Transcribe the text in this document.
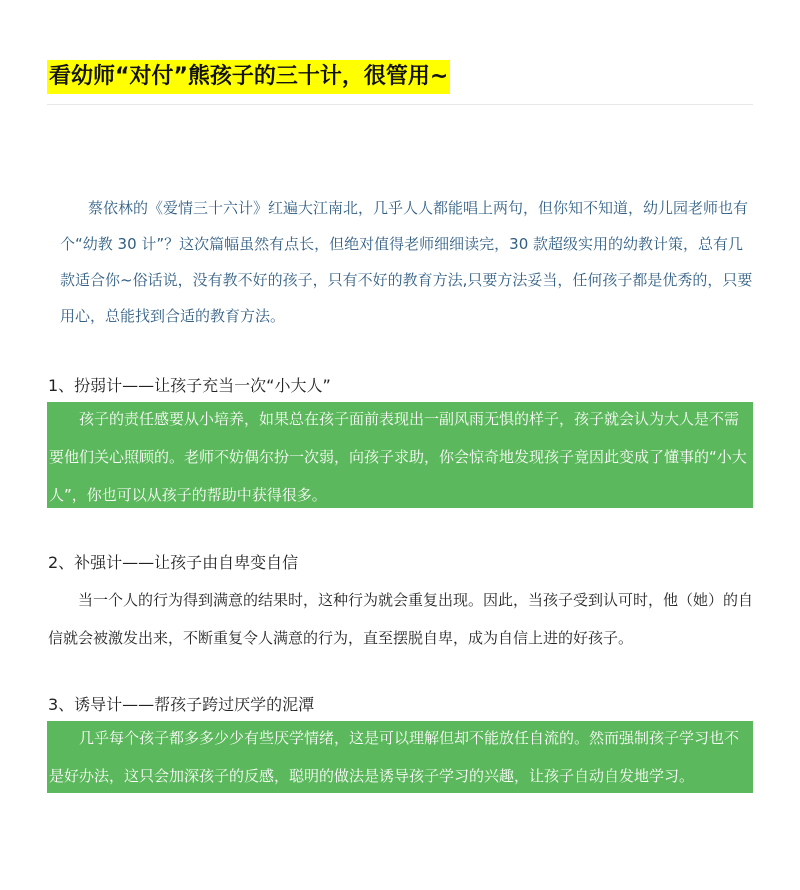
看幼师“对付”熊孩子的三十计，很管用~

蔡依林的《爱情三十六计》红遍大江南北，几乎人人都能唱上两句，但你知不知道，幼儿园老师也有个“幼教 30 计”？这次篇幅虽然有点长，但绝对值得老师细细读完，30 款超级实用的幼教计策，总有几款适合你~俗话说，没有教不好的孩子，只有不好的教育方法,只要方法妥当，任何孩子都是优秀的，只要用心，总能找到合适的教育方法。

1、扮弱计——让孩子充当一次“小大人”

孩子的责任感要从小培养，如果总在孩子面前表现出一副风雨无惧的样子，孩子就会认为大人是不需要他们关心照顾的。老师不妨偶尔扮一次弱，向孩子求助，你会惊奇地发现孩子竟因此变成了懂事的“小大人”，你也可以从孩子的帮助中获得很多。

2、补强计——让孩子由自卑变自信

当一个人的行为得到满意的结果时，这种行为就会重复出现。因此，当孩子受到认可时，他（她）的自信就会被激发出来，不断重复令人满意的行为，直至摆脱自卑，成为自信上进的好孩子。

3、诱导计——帮孩子跨过厌学的泥潭

几乎每个孩子都多多少少有些厌学情绪，这是可以理解但却不能放任自流的。然而强制孩子学习也不是好办法，这只会加深孩子的反感，聪明的做法是诱导孩子学习的兴趣，让孩子自动自发地学习。
